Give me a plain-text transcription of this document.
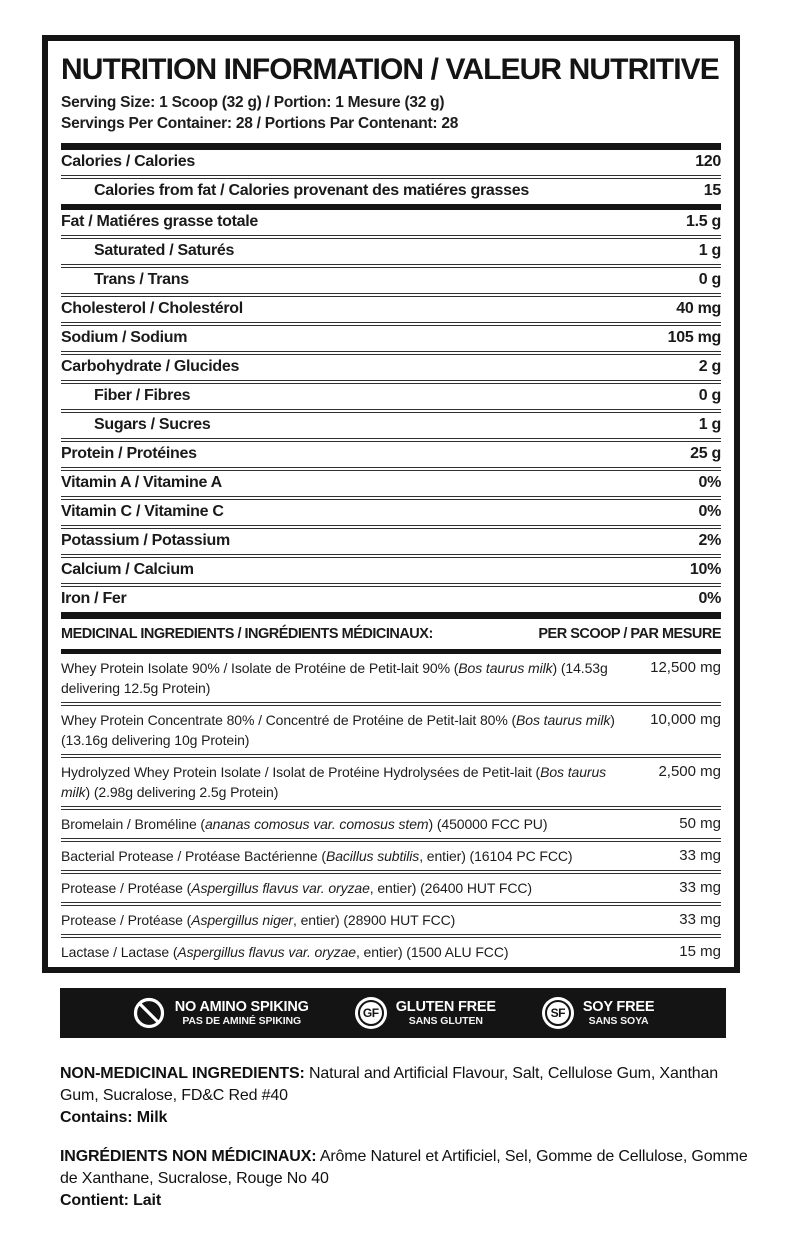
NUTRITION INFORMATION / VALEUR NUTRITIVE
Serving Size: 1 Scoop (32 g) / Portion: 1 Mesure (32 g)
Servings Per Container: 28 / Portions Par Contenant: 28
Calories / Calories	120
Calories from fat / Calories provenant des matiéres grasses	15
Fat / Matiéres grasse totale	1.5 g
Saturated / Saturés	1 g
Trans / Trans	0 g
Cholesterol / Cholestérol	40 mg
Sodium / Sodium	105 mg
Carbohydrate / Glucides	2 g
Fiber / Fibres	0 g
Sugars / Sucres	1 g
Protein / Protéines	25 g
Vitamin A / Vitamine A	0%
Vitamin C / Vitamine C	0%
Potassium / Potassium	2%
Calcium / Calcium	10%
Iron / Fer	0%
MEDICINAL INGREDIENTS / INGRÉDIENTS MÉDICINAUX:	PER SCOOP / PAR MESURE
Whey Protein Isolate 90% / Isolate de Protéine de Petit-lait 90% (Bos taurus milk) (14.53g delivering 12.5g Protein)
12,500 mg
Whey Protein Concentrate 80% / Concentré de Protéine de Petit-lait 80% (Bos taurus milk) (13.16g delivering 10g Protein)
10,000 mg
Hydrolyzed Whey Protein Isolate / Isolat de Protéine Hydrolysées de Petit-lait (Bos taurus milk) (2.98g delivering 2.5g Protein)
2,500 mg
Bromelain / Broméline (ananas comosus var. comosus stem) (450000 FCC PU)	50 mg
Bacterial Protease / Protéase Bactérienne (Bacillus subtilis, entier) (16104 PC FCC)	33 mg
Protease / Protéase (Aspergillus flavus var. oryzae, entier) (26400 HUT FCC)	33 mg
Protease / Protéase (Aspergillus niger, entier) (28900 HUT FCC)	33 mg
Lactase / Lactase (Aspergillus flavus var. oryzae, entier) (1500 ALU FCC)	15 mg
NO AMINO SPIKING
PAS DE AMINÉ SPIKING
GF	GLUTEN FREE
SANS GLUTEN
SF	SOY FREE
SANS SOYA

NON-MEDICINAL INGREDIENTS: Natural and Artificial Flavour, Salt, Cellulose Gum, Xanthan Gum, Sucralose, FD&C Red #40
Contains: Milk

INGRÉDIENTS NON MÉDICINAUX: Arôme Naturel et Artificiel, Sel, Gomme de Cellulose, Gomme de Xanthane, Sucralose, Rouge No 40
Contient: Lait
